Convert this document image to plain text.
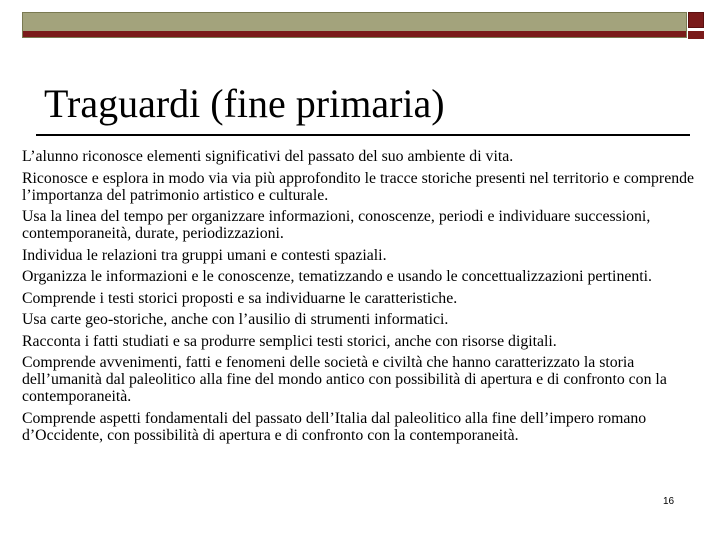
Traguardi (fine primaria)

L’alunno riconosce elementi significativi del passato del suo ambiente di vita.

Riconosce e esplora in modo via via più approfondito le tracce storiche presenti nel territorio e comprende l’importanza del patrimonio artistico e culturale.

Usa la linea del tempo per organizzare informazioni, conoscenze, periodi e individuare successioni, contemporaneità, durate, periodizzazioni.

Individua le relazioni tra gruppi umani e contesti spaziali.

Organizza le informazioni e le conoscenze, tematizzando e usando le concettualizzazioni pertinenti.

Comprende i testi storici proposti e sa individuarne le caratteristiche.

Usa carte geo-storiche, anche con l’ausilio di strumenti informatici.

Racconta i fatti studiati e sa produrre semplici testi storici, anche con risorse digitali.

Comprende avvenimenti, fatti e fenomeni delle società e civiltà che hanno caratterizzato la storia dell’umanità dal paleolitico alla fine del mondo antico con possibilità di apertura e di confronto con la contemporaneità.

Comprende aspetti fondamentali del passato dell’Italia dal paleolitico alla fine dell’impero romano d’Occidente, con possibilità di apertura e di confronto con la contemporaneità.

16
